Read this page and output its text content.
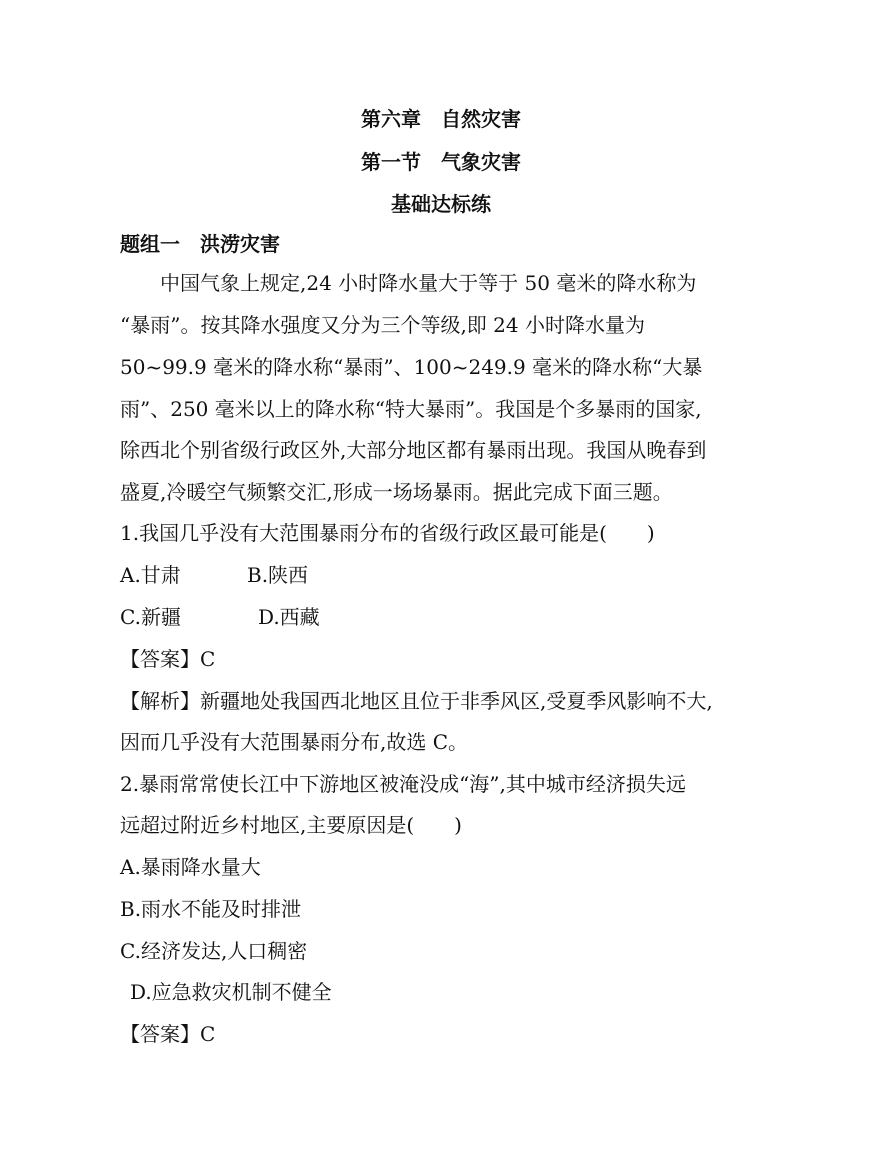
第六章　自然灾害
第一节　气象灾害
基础达标练
题组一　洪涝灾害
中国气象上规定,24 小时降水量大于等于 50 毫米的降水称为
“暴雨”。按其降水强度又分为三个等级,即 24 小时降水量为
50~99.9 毫米的降水称“暴雨”、100~249.9 毫米的降水称“大暴
雨”、250 毫米以上的降水称“特大暴雨”。我国是个多暴雨的国家,
除西北个别省级行政区外,大部分地区都有暴雨出现。我国从晚春到
盛夏,冷暖空气频繁交汇,形成一场场暴雨。据此完成下面三题。
1.我国几乎没有大范围暴雨分布的省级行政区最可能是(　　)
A.甘肃	B.陕西
C.新疆	D.西藏
【答案】C
【解析】新疆地处我国西北地区且位于非季风区,受夏季风影响不大,
因而几乎没有大范围暴雨分布,故选 C。
2.暴雨常常使长江中下游地区被淹没成“海”,其中城市经济损失远
远超过附近乡村地区,主要原因是(　　)
A.暴雨降水量大
B.雨水不能及时排泄
C.经济发达,人口稠密
D.应急救灾机制不健全
【答案】C
